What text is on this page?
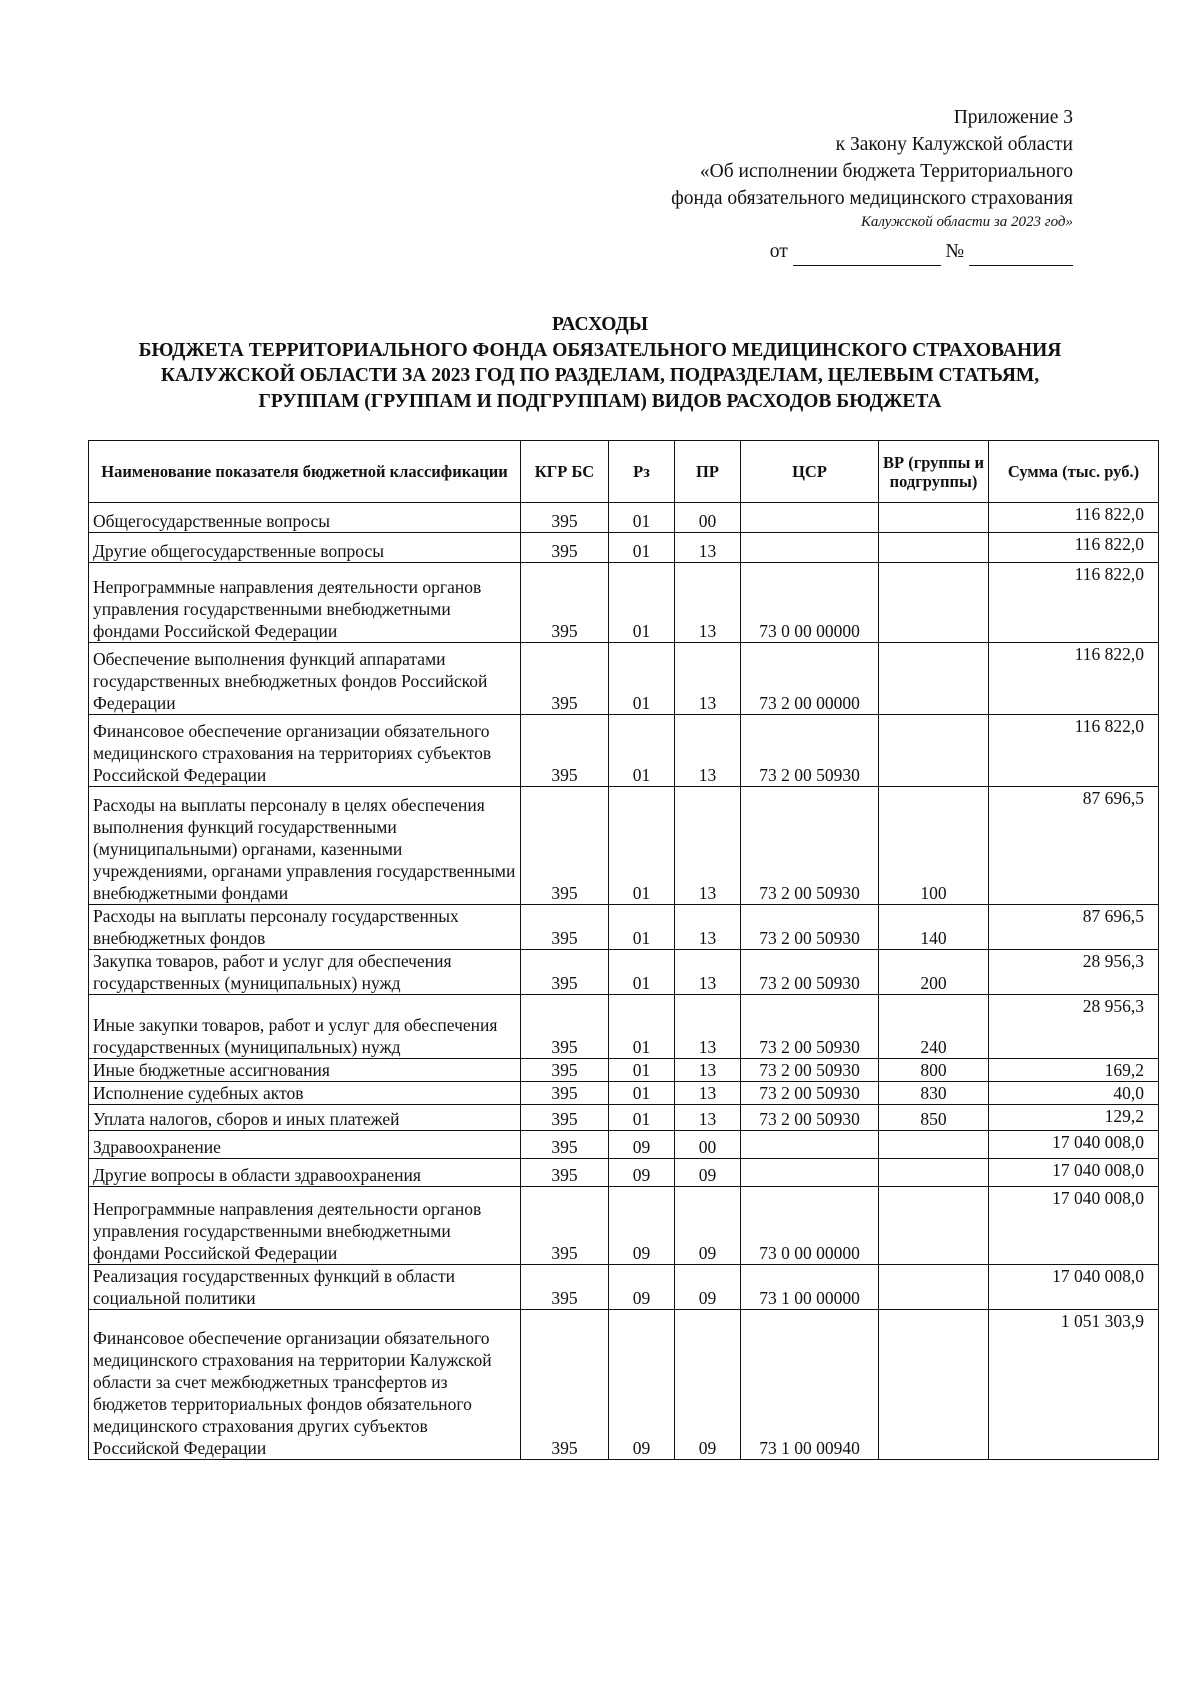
Приложение 3
к Закону Калужской области
«Об исполнении бюджета Территориального
фонда обязательного медицинского страхования
Калужской области за 2023 год»
от	№
РАСХОДЫ
БЮДЖЕТА ТЕРРИТОРИАЛЬНОГО ФОНДА ОБЯЗАТЕЛЬНОГО МЕДИЦИНСКОГО СТРАХОВАНИЯ
КАЛУЖСКОЙ ОБЛАСТИ ЗА 2023 ГОД ПО РАЗДЕЛАМ, ПОДРАЗДЕЛАМ, ЦЕЛЕВЫМ СТАТЬЯМ,
ГРУППАМ (ГРУППАМ И ПОДГРУППАМ) ВИДОВ РАСХОДОВ БЮДЖЕТА
Наименование показателя бюджетной классификации	КГР БС	Рз	ПР	ЦСР	ВР (группы и подгруппы)	Сумма (тыс. руб.)
Общегосударственные вопросы	395	01	00			116 822,0
Другие общегосударственные вопросы	395	01	13			116 822,0
Непрограммные направления деятельности органов управления государственными внебюджетными фондами Российской Федерации	395	01	13	73 0 00 00000		116 822,0
Обеспечение выполнения функций аппаратами государственных внебюджетных фондов Российской Федерации	395	01	13	73 2 00 00000		116 822,0
Финансовое обеспечение организации обязательного медицинского страхования на территориях субъектов Российской Федерации	395	01	13	73 2 00 50930		116 822,0
Расходы на выплаты персоналу в целях обеспечения выполнения функций государственными (муниципальными) органами, казенными учреждениями, органами управления государственными внебюджетными фондами	395	01	13	73 2 00 50930	100	87 696,5
Расходы на выплаты персоналу государственных внебюджетных фондов	395	01	13	73 2 00 50930	140	87 696,5
Закупка товаров, работ и услуг для обеспечения государственных (муниципальных) нужд	395	01	13	73 2 00 50930	200	28 956,3
Иные закупки товаров, работ и услуг для обеспечения государственных (муниципальных) нужд	395	01	13	73 2 00 50930	240	28 956,3
Иные бюджетные ассигнования	395	01	13	73 2 00 50930	800	169,2
Исполнение судебных актов	395	01	13	73 2 00 50930	830	40,0
Уплата налогов, сборов и иных платежей	395	01	13	73 2 00 50930	850	129,2
Здравоохранение	395	09	00			17 040 008,0
Другие вопросы в области здравоохранения	395	09	09			17 040 008,0
Непрограммные направления деятельности органов управления государственными внебюджетными фондами Российской Федерации	395	09	09	73 0 00 00000		17 040 008,0
Реализация государственных функций в области социальной политики	395	09	09	73 1 00 00000		17 040 008,0
Финансовое обеспечение организации обязательного медицинского страхования на территории Калужской области за счет межбюджетных трансфертов из бюджетов территориальных фондов обязательного медицинского страхования других субъектов Российской Федерации	395	09	09	73 1 00 00940		1 051 303,9
